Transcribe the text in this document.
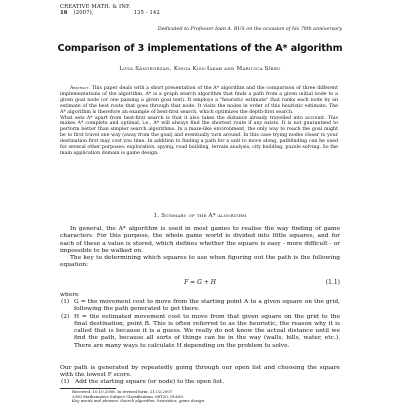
CREATIVE MATH. & INF.
16 (2007),	135 - 142
Dedicated to Professor Ioan A. RUS on the occasion of his 70th anniversary
Comparison of 3 implementations of the A* algorithm
Livia Sângeorzan, Kinga Kiss-Iakab and Maricica Sîrbu

Abstract. This paper deals with a short presentation of the A* algorithm and the comparison of three different implementations of the algorithm. A* is a graph search algorithm that finds a path from a given initial node to a given goal node (or one passing a given goal test). It employs a "heuristic estimate" that ranks each node by an estimate of the best route that goes through that node. It visits the nodes in order of this heuristic estimate. The A* algorithm is therefore an example of best-first search, which optimizes the depth-first search.

What sets A* apart from best-first search is that it also takes the distance already travelled into account. This makes A* complete and optimal, i.e., A* will always find the shortest route if any exists. It is not guaranteed to perform better than simpler search algorithms. In a maze-like environment, the only way to reach the goal might be to first travel one way (away from the goal) and eventually turn around. In this case trying nodes closer to your destination first may cost you time. In addition to finding a path for a unit to move along, pathfinding can be used for several other purposes: exploration, spying, road building, terrain analysis, city building, puzzle solving. So the main application domain is game design.

1. Summary of the A* algorithm

In general, the A* algorithm is used in most games to realise the way finding of game characters. For this purpose, the whole game world is divided into little squares, and for each of these a value is stored, which defines whether the square is easy - more difficult - or impossible to be walked on.

The key to determining which squares to use when figuring out the path is the following equation:

F = G + H	(1.1)
where
(1) G = the movement cost to move from the starting point A to a given square on the grid, following the path generated to get there.
(2) H = the estimated movement cost to move from that given square on the grid to the final destination, point B. This is often referred to as the heuristic, the reason why it is called that is because it is a guess. We really do not know the actual distance until we find the path, because all sorts of things can be in the way (walls, hills, water, etc.). There are many ways to calculate H depending on the problem to solve.

Our path is generated by repeatedly going through our open list and choosing the square with the lowest F score.

(1) Add the starting square (or node) to the open list.
Received: 10.10.2006. In revised form: 21.02.2007
2000 Mathematics Subject Classification. 68T20, 91A90.
Key words and phrases. Search algorithm, heuristics, game design.
